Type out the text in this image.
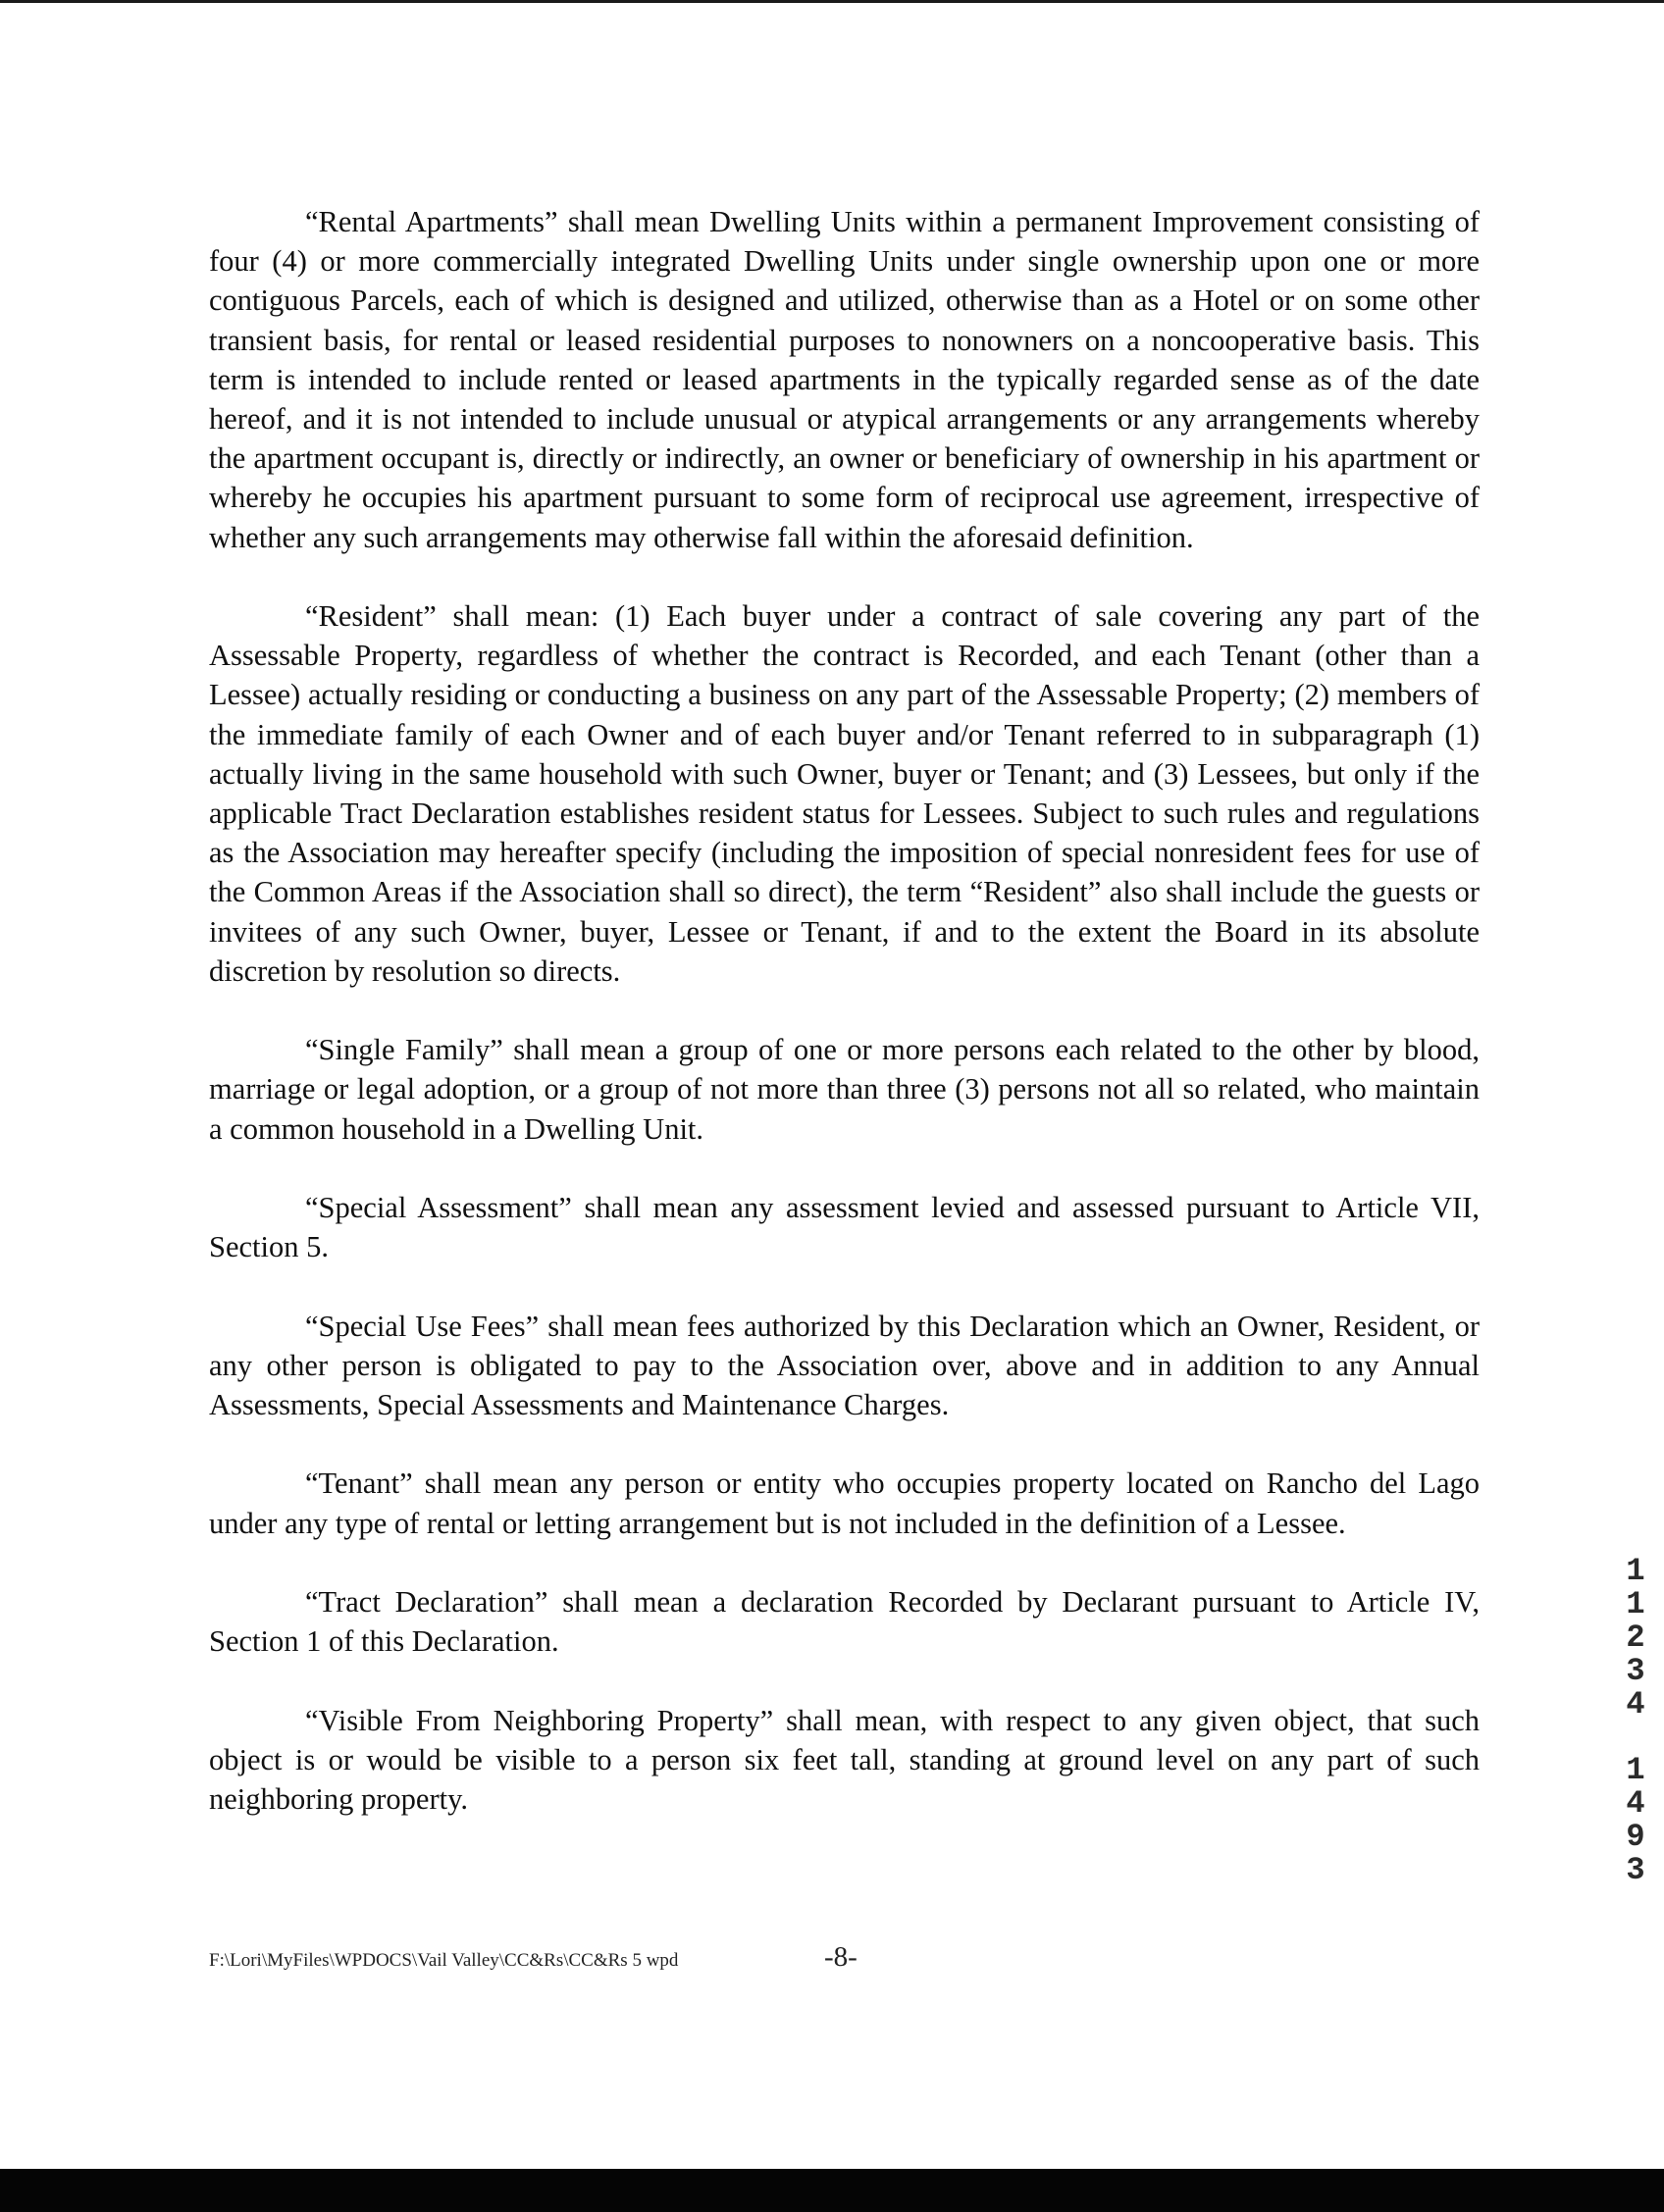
“Rental Apartments” shall mean Dwelling Units within a permanent Improvement consisting of four (4) or more commercially integrated Dwelling Units under single ownership upon one or more contiguous Parcels, each of which is designed and utilized, otherwise than as a Hotel or on some other transient basis, for rental or leased residential purposes to nonowners on a noncooperative basis. This term is intended to include rented or leased apartments in the typically regarded sense as of the date hereof, and it is not intended to include unusual or atypical arrangements or any arrangements whereby the apartment occupant is, directly or indirectly, an owner or beneficiary of ownership in his apartment or whereby he occupies his apartment pursuant to some form of reciprocal use agreement, irrespective of whether any such arrangements may otherwise fall within the aforesaid definition.

“Resident” shall mean: (1) Each buyer under a contract of sale covering any part of the Assessable Property, regardless of whether the contract is Recorded, and each Tenant (other than a Lessee) actually residing or conducting a business on any part of the Assessable Property; (2) members of the immediate family of each Owner and of each buyer and/or Tenant referred to in subparagraph (1) actually living in the same household with such Owner, buyer or Tenant; and (3) Lessees, but only if the applicable Tract Declaration establishes resident status for Lessees. Subject to such rules and regulations as the Association may hereafter specify (including the imposition of special nonresident fees for use of the Common Areas if the Association shall so direct), the term “Resident” also shall include the guests or invitees of any such Owner, buyer, Lessee or Tenant, if and to the extent the Board in its absolute discretion by resolution so directs.

“Single Family” shall mean a group of one or more persons each related to the other by blood, marriage or legal adoption, or a group of not more than three (3) persons not all so related, who maintain a common household in a Dwelling Unit.

“Special Assessment” shall mean any assessment levied and assessed pursuant to Article VII, Section 5.

“Special Use Fees” shall mean fees authorized by this Declaration which an Owner, Resident, or any other person is obligated to pay to the Association over, above and in addition to any Annual Assessments, Special Assessments and Maintenance Charges.

“Tenant” shall mean any person or entity who occupies property located on Rancho del Lago under any type of rental or letting arrangement but is not included in the definition of a Lessee.

“Tract Declaration” shall mean a declaration Recorded by Declarant pursuant to Article IV, Section 1 of this Declaration.

“Visible From Neighboring Property” shall mean, with respect to any given object, that such object is or would be visible to a person six feet tall, standing at ground level on any part of such neighboring property.

1
1
2
3
4
1
4
9
3
F:\Lori\MyFiles\WPDOCS\Vail Valley\CC&Rs\CC&Rs 5 wpd	-8-
